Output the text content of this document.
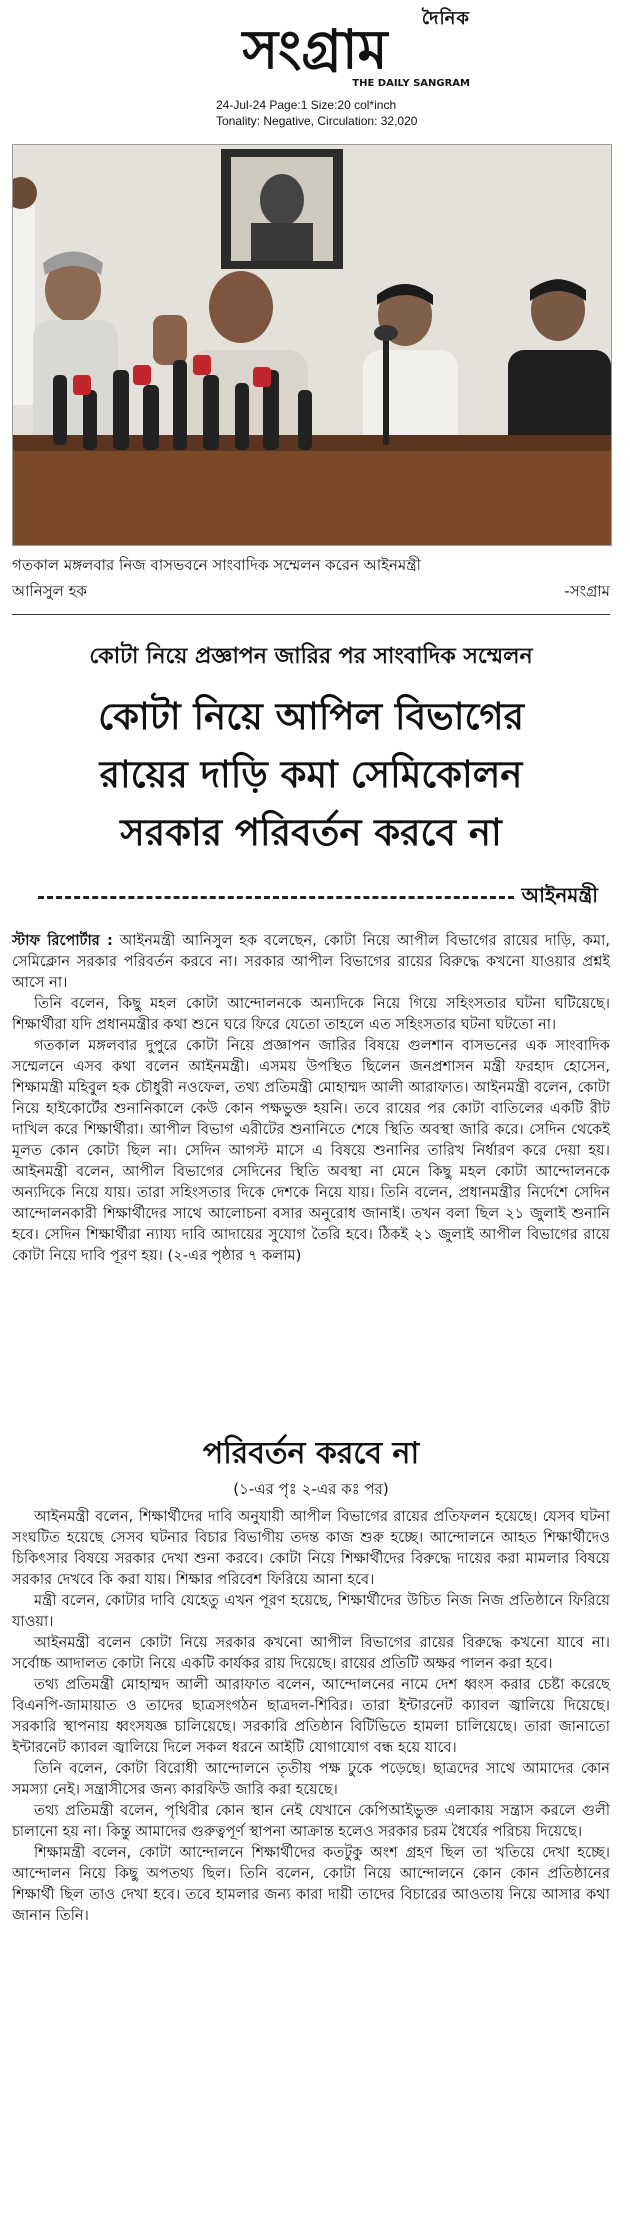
দৈনিক
সংগ্রাম
THE DAILY SANGRAM
24-Jul-24 Page:1 Size:20 col*inch
Tonality: Negative, Circulation: 32,020
গতকাল মঙ্গলবার নিজ বাসভবনে সাংবাদিক সম্মেলন করেন আইনমন্ত্রী
আনিসুল হক	-সংগ্রাম
কোটা নিয়ে প্রজ্ঞাপন জারির পর সাংবাদিক সম্মেলন
কোটা নিয়ে আপিল বিভাগের
রায়ের দাড়ি কমা সেমিকোলন
সরকার পরিবর্তন করবে না
আইনমন্ত্রী

স্টাফ রিপোর্টার : আইনমন্ত্রী আনিসুল হক বলেছেন, কোটা নিয়ে আপীল বিভাগের রায়ের দাড়ি, কমা, সেমিক্লোন সরকার পরিবর্তন করবে না। সরকার আপীল বিভাগের রায়ের বিরুদ্ধে কখনো যাওয়ার প্রশ্নই আসে না।

তিনি বলেন, কিছু মহল কোটা আন্দোলনকে অন্যদিকে নিয়ে গিয়ে সহিংসতার ঘটনা ঘটিয়েছে। শিক্ষার্থীরা যদি প্রধানমন্ত্রীর কথা শুনে ঘরে ফিরে যেতো তাহলে এত সহিংসতার ঘটনা ঘটতো না।

গতকাল মঙ্গলবার দুপুরে কোটা নিয়ে প্রজ্ঞাপন জারির বিষয়ে গুলশান বাসভনের এক সাংবাদিক সম্মেলনে এসব কথা বলেন আইনমন্ত্রী। এসময় উপস্থিত ছিলেন জনপ্রশাসন মন্ত্রী ফরহাদ হোসেন, শিক্ষামন্ত্রী মহিবুল হক চৌধুরী নওফেল, তথ্য প্রতিমন্ত্রী মোহাম্মদ আলী আরাফাত। আইনমন্ত্রী বলেন, কোটা নিয়ে হাইকোর্টের শুনানিকালে কেউ কোন পক্ষভুক্ত হয়নি। তবে রায়ের পর কোটা বাতিলের একটি রীট দাখিল করে শিক্ষার্থীরা। আপীল বিভাগ এরীটের শুনানিতে শেষে স্থিতি অবস্থা জারি করে। সেদিন থেকেই মূলত কোন কোটা ছিল না। সেদিন আগস্ট মাসে এ বিষয়ে শুনানির তারিখ নির্ধারণ করে দেয়া হয়। আইনমন্ত্রী বলেন, আপীল বিভাগের সেদিনের স্থিতি অবস্থা না মেনে কিছু মহল কোটা আন্দোলনকে অন্যদিকে নিয়ে যায়। তারা সহিংসতার দিকে দেশকে নিয়ে যায়। তিনি বলেন, প্রধানমন্ত্রীর নির্দেশে সেদিন আন্দোলনকারী শিক্ষার্থীদের সাথে আলোচনা বসার অনুরোধ জানাই। তখন বলা ছিল ২১ জুলাই শুনানি হবে। সেদিন শিক্ষার্থীরা ন্যায্য দাবি আদায়ের সুযোগ তৈরি হবে। ঠিকই ২১ জুলাই আপীল বিভাগের রায়ে কোটা নিয়ে দাবি পূরণ হয়। (২-এর পৃষ্ঠার ৭ কলাম)

পরিবর্তন করবে না
(১-এর পৃঃ ২-এর কঃ পর)

আইনমন্ত্রী বলেন, শিক্ষার্থীদের দাবি অনুযায়ী আপীল বিভাগের রায়ের প্রতিফলন হয়েছে। যেসব ঘটনা সংঘটিত হয়েছে সেসব ঘটনার বিচার বিভাগীয় তদন্ত কাজ শুরু হচ্ছে। আন্দোলনে আহত শিক্ষার্থীদেও চিকিৎসার বিষয়ে সরকার দেখা শুনা করবে। কোটা নিয়ে শিক্ষার্থীদের বিরুদ্ধে দায়ের করা মামলার বিষয়ে সরকার দেখবে কি করা যায়। শিক্ষার পরিবেশ ফিরিয়ে আনা হবে।

মন্ত্রী বলেন, কোটার দাবি যেহেতু এখন পূরণ হয়েছে, শিক্ষার্থীদের উচিত নিজ নিজ প্রতিষ্ঠানে ফিরিয়ে যাওয়া।

আইনমন্ত্রী বলেন কোটা নিয়ে সরকার কখনো আপীল বিভাগের রায়ের বিরুদ্ধে কখনো যাবে না। সর্বোচ্চ আদালত কোটা নিয়ে একটি কার্যকর রায় দিয়েছে। রায়ের প্রতিটি অক্ষর পালন করা হবে।

তথ্য প্রতিমন্ত্রী মোহাম্মদ আলী আরাফাত বলেন, আন্দোলনের নামে দেশ ধ্বংস করার চেষ্টা করেছে বিএনপি-জামায়াত ও তাদের ছাত্রসংগঠন ছাত্রদল-শিবির। তারা ইন্টারনেট ক্যাবল জ্বালিয়ে দিয়েছে। সরকারি স্থাপনায় ধ্বংসযজ্ঞ চালিয়েছে। সরকারি প্রতিষ্ঠান বিটিভিতে হামলা চালিয়েছে। তারা জানাতো ইন্টারনেট ক্যাবল জ্বালিয়ে দিলে সকল ধরনে আইটি যোগাযোগ বন্ধ হয়ে যাবে।

তিনি বলেন, কোটা বিরোধী আন্দোলনে তৃতীয় পক্ষ ঢুকে পড়েছে। ছাত্রদের সাথে আমাদের কোন সমস্যা নেই। সন্ত্রাসীসের জন্য কারফিউ জারি করা হয়েছে।

তথ্য প্রতিমন্ত্রী বলেন, পৃথিবীর কোন স্থান নেই যেখানে কেপিআইভুক্ত এলাকায় সন্ত্রাস করলে গুলী চালানো হয় না। কিন্তু আমাদের গুরুত্বপূর্ণ স্থাপনা আক্রান্ত হলেও সরকার চরম ধৈর্যের পরিচয় দিয়েছে।

শিক্ষামন্ত্রী বলেন, কোটা আন্দোলনে শিক্ষার্থীদের কতটুকু অংশ গ্রহণ ছিল তা খতিয়ে দেখা হচ্ছে। আন্দোলন নিয়ে কিছু অপতথ্য ছিল। তিনি বলেন, কোটা নিয়ে আন্দোলনে কোন কোন প্রতিষ্ঠানের শিক্ষার্থী ছিল তাও দেখা হবে। তবে হামলার জন্য কারা দায়ী তাদের বিচারের আওতায় নিয়ে আসার কথা জানান তিনি।
